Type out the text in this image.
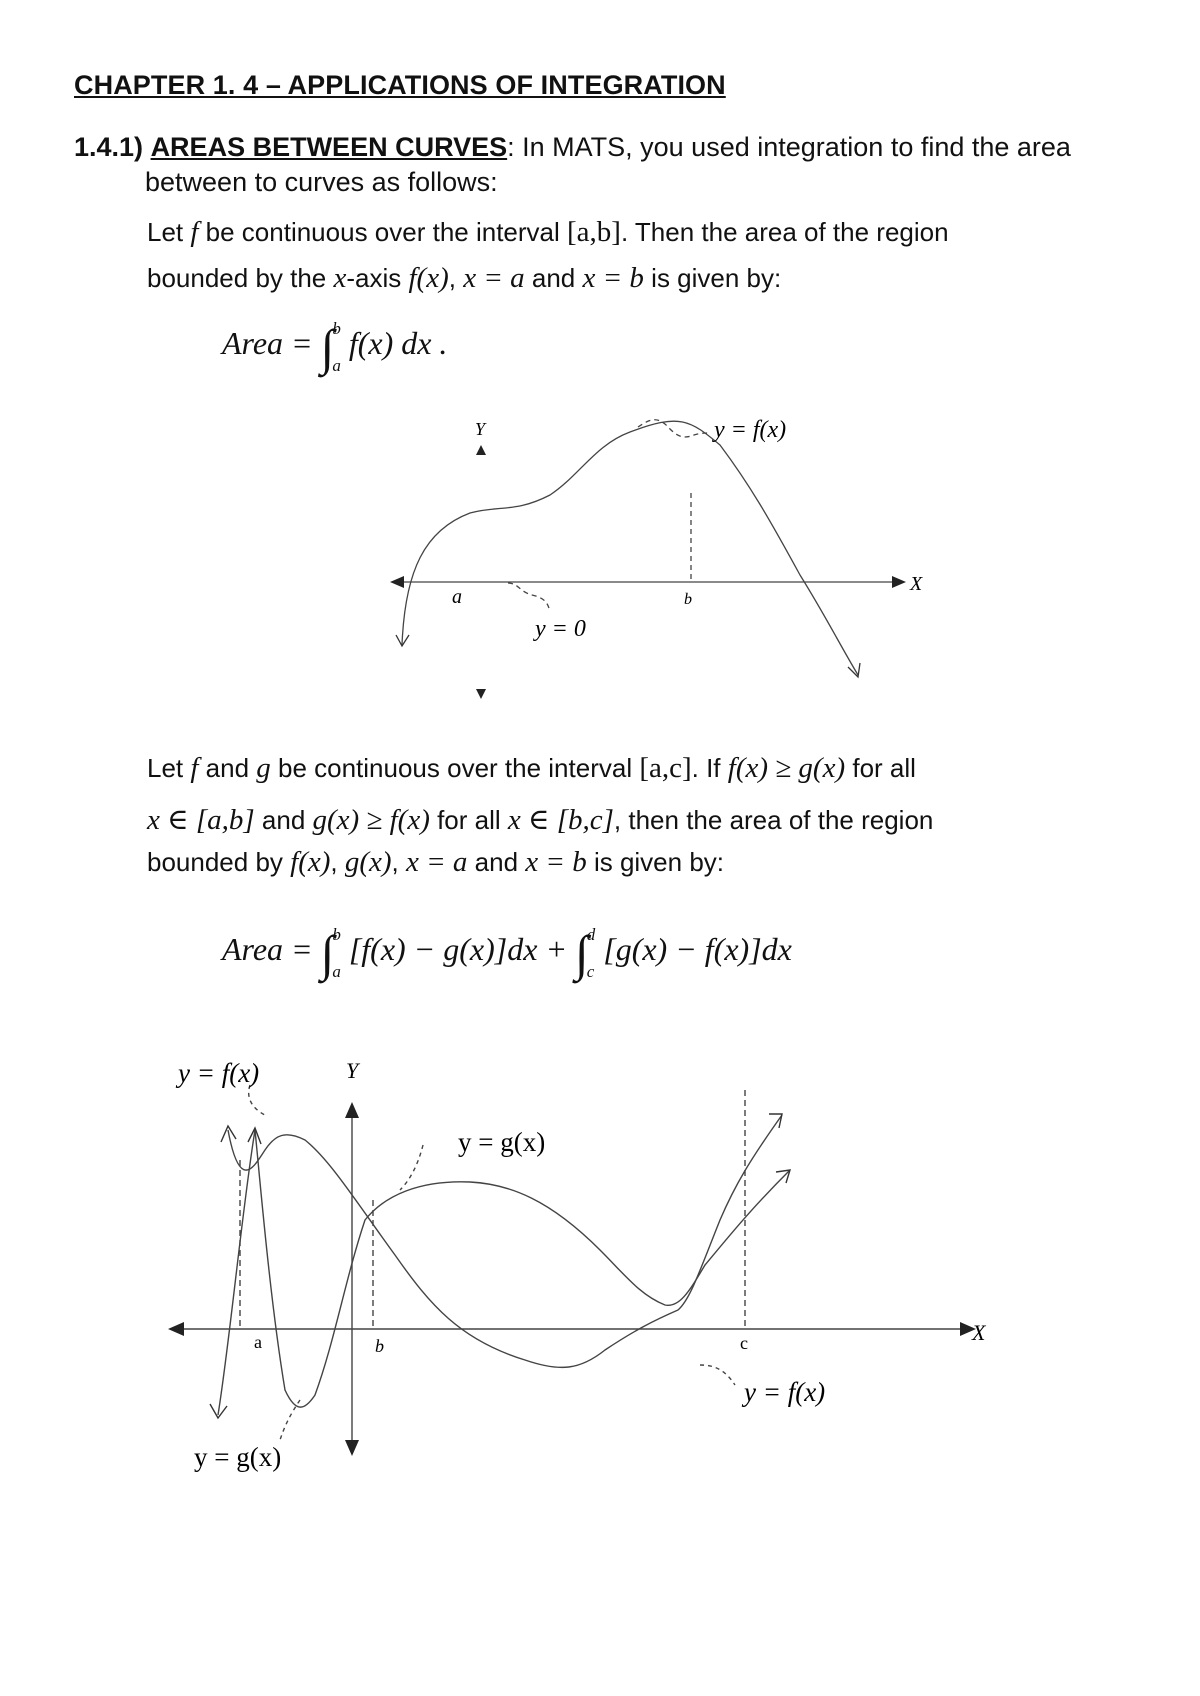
CHAPTER 1. 4 – APPLICATIONS OF INTEGRATION
1.4.1) AREAS BETWEEN CURVES: In MATS, you used integration to find the area
between to curves as follows:
Let f be continuous over the interval [a,b]. Then the area of the region
bounded by the x-axis f(x), x = a and x = b is given by:
Area = ∫
b
a
f(x) dx .
Y
X
y = f(x)
a	b
y = 0
Let f and g be continuous over the interval [a,c]. If f(x) ≥ g(x) for all
x ∈ [a,b] and g(x) ≥ f(x) for all x ∈ [b,c], then the area of the region
bounded by f(x), g(x), x = a and x = b is given by:
Area = ∫
b
a
[f(x) − g(x)]dx + ∫
d
c
[g(x) − f(x)]dx
Y
X
y = f(x)
y = g(x)
y = f(x)
y = g(x)
a	b	c
